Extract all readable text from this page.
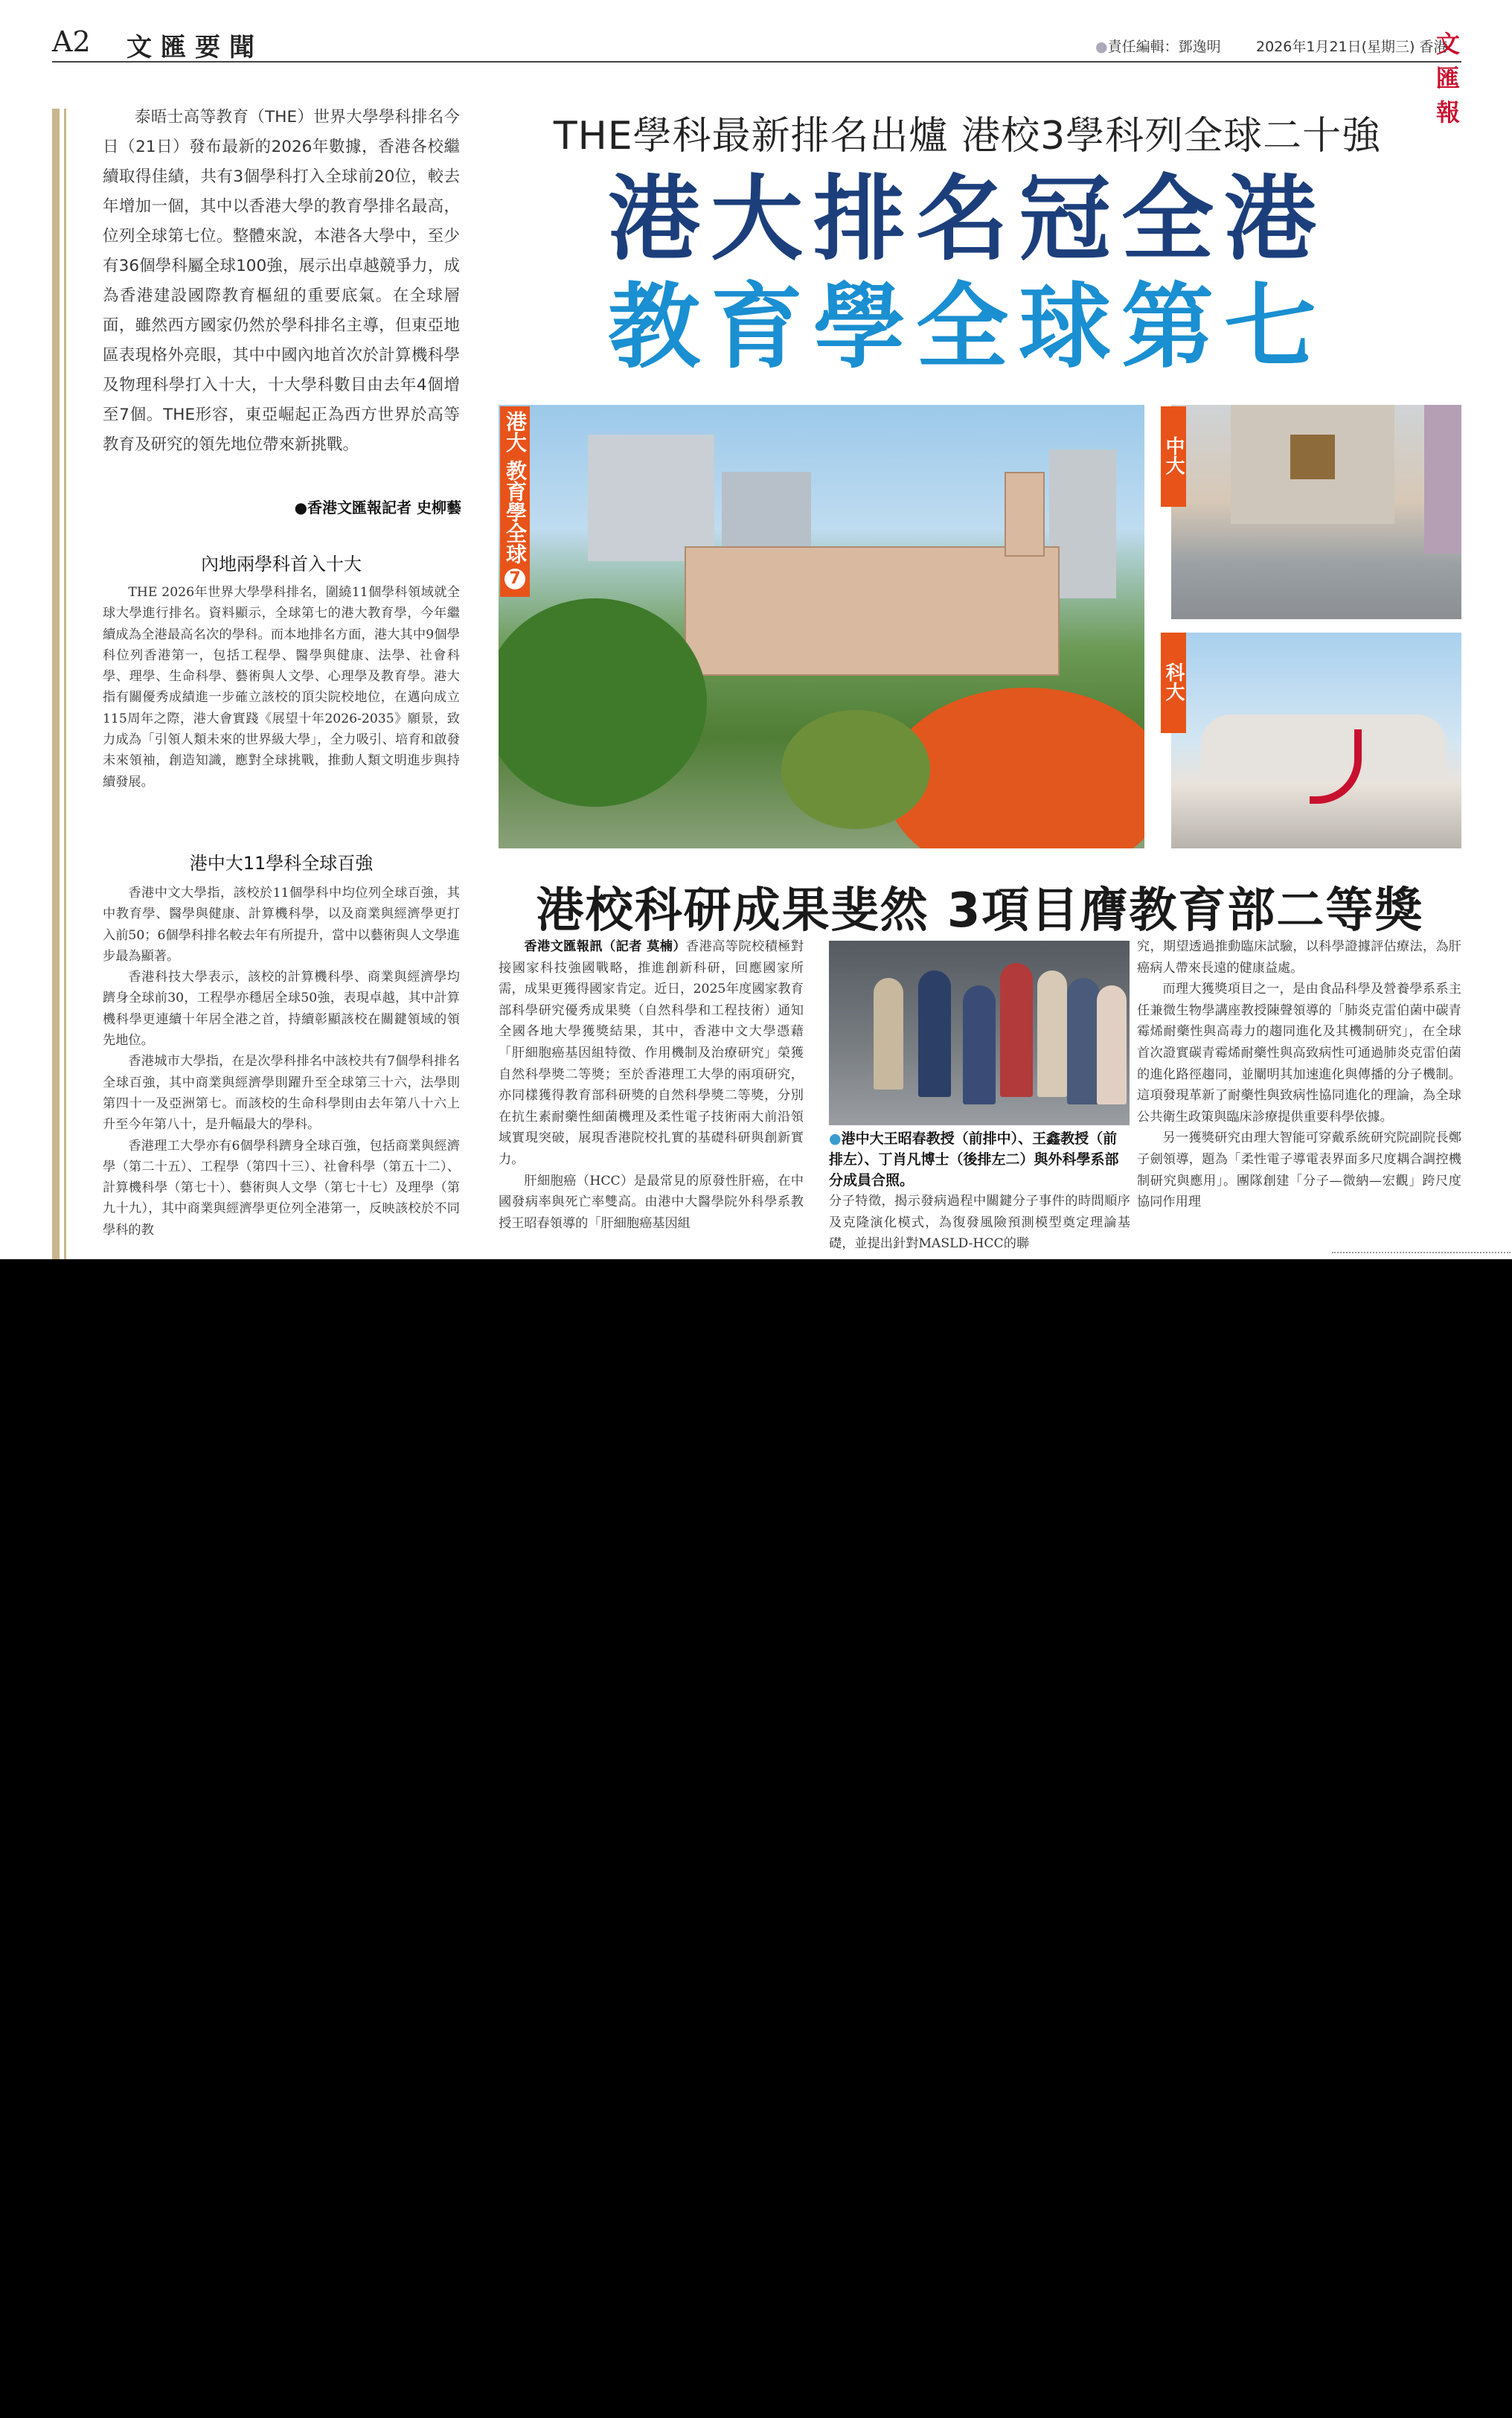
A2 文匯要聞	●責任編輯：鄧逸明 2026年1月21日(星期三) 香港
文匯報
泰晤士高等教育（THE）世界大學學科排名今日（21日）發布最新的2026年數據，香港各校繼續取得佳績，共有3個學科打入全球前20位，較去年增加一個，其中以香港大學的教育學排名最高，位列全球第七位。整體來說，本港各大學中，至少有36個學科屬全球100強，展示出卓越競爭力，成為香港建設國際教育樞紐的重要底氣。在全球層面，雖然西方國家仍然於學科排名主導，但東亞地區表現格外亮眼，其中中國內地首次於計算機科學及物理科學打入十大，十大學科數目由去年4個增至7個。THE形容，東亞崛起正為西方世界於高等教育及研究的領先地位帶來新挑戰。
●香港文匯報記者 史柳藝
內地兩學科首入十大

THE 2026年世界大學學科排名，圍繞11個學科領域就全球大學進行排名。資料顯示，全球第七的港大教育學，今年繼續成為全港最高名次的學科。而本地排名方面，港大其中9個學科位列香港第一，包括工程學、醫學與健康、法學、社會科學、理學、生命科學、藝術與人文學、心理學及教育學。港大指有關優秀成績進一步確立該校的頂尖院校地位，在邁向成立115周年之際，港大會實踐《展望十年2026-2035》願景，致力成為「引領人類未來的世界級大學」，全力吸引、培育和啟發未來領袖，創造知識，應對全球挑戰，推動人類文明進步與持續發展。

港中大11學科全球百強

香港中文大學指，該校於11個學科中均位列全球百強，其中教育學、醫學與健康、計算機科學，以及商業與經濟學更打入前50；6個學科排名較去年有所提升，當中以藝術與人文學進步最為顯著。

香港科技大學表示，該校的計算機科學、商業與經濟學均躋身全球前30，工程學亦穩居全球50強，表現卓越，其中計算機科學更連續十年居全港之首，持續彰顯該校在關鍵領域的領先地位。

香港城市大學指，在是次學科排名中該校共有7個學科排名全球百強，其中商業與經濟學則躍升至全球第三十六，法學則第四十一及亞洲第七。而該校的生命科學則由去年第八十六上升至今年第八十，是升幅最大的學科。

香港理工大學亦有6個學科躋身全球百強，包括商業與經濟學（第二十五）、工程學（第四十三）、社會科學（第五十二）、計算機科學（第七十）、藝術與人文學（第七十七）及理學（第九十九），其中商業與經濟學更位列全港第一，反映該校於不同學科的教

THE學科最新排名出爐 港校3學科列全球二十強
港大排名冠全港
教育學全球第七
港大 教育學全球7
中大
4學科全球五十強
科大
3學科全球五十強
港校科研成果斐然 3項目膺教育部二等獎

香港文匯報訊（記者 莫楠）香港高等院校積極對接國家科技強國戰略，推進創新科研，回應國家所需，成果更獲得國家肯定。近日，2025年度國家教育部科學研究優秀成果獎（自然科學和工程技術）通知全國各地大學獲獎結果，其中，香港中文大學憑藉「肝細胞癌基因組特徵、作用機制及治療研究」榮獲自然科學獎二等獎；至於香港理工大學的兩項研究，亦同樣獲得教育部科研獎的自然科學獎二等獎，分別在抗生素耐藥性細菌機理及柔性電子技術兩大前沿領域實現突破，展現香港院校扎實的基礎科研與創新實力。

肝細胞癌（HCC）是最常見的原發性肝癌，在中國發病率與死亡率雙高。由港中大醫學院外科學系教授王昭春領導的「肝細胞癌基因組

●港中大王昭春教授（前排中）、王鑫教授（前排左）、丁肖凡博士（後排左二）與外科學系部分成員合照。

分子特徵，揭示發病過程中關鍵分子事件的時間順序及克隆演化模式，為復發風險預測模型奠定理論基礎，並提出針對MASLD-HCC的聯

究，期望透過推動臨床試驗，以科學證據評估療法，為肝癌病人帶來長遠的健康益處。

而理大獲獎項目之一，是由食品科學及營養學系系主任兼微生物學講座教授陳聲領導的「肺炎克雷伯菌中碳青霉烯耐藥性與高毒力的趨同進化及其機制研究」，在全球首次證實碳青霉烯耐藥性與高致病性可通過肺炎克雷伯菌的進化路徑趨同，並闡明其加速進化與傳播的分子機制。這項發現革新了耐藥性與致病性協同進化的理論，為全球公共衛生政策與臨床診療提供重要科學依據。

另一獲獎研究由理大智能可穿戴系統研究院副院長鄭子劍領導，題為「柔性電子導電表界面多尺度耦合調控機制研究與應用」。團隊創建「分子—微納—宏觀」跨尺度協同作用理
